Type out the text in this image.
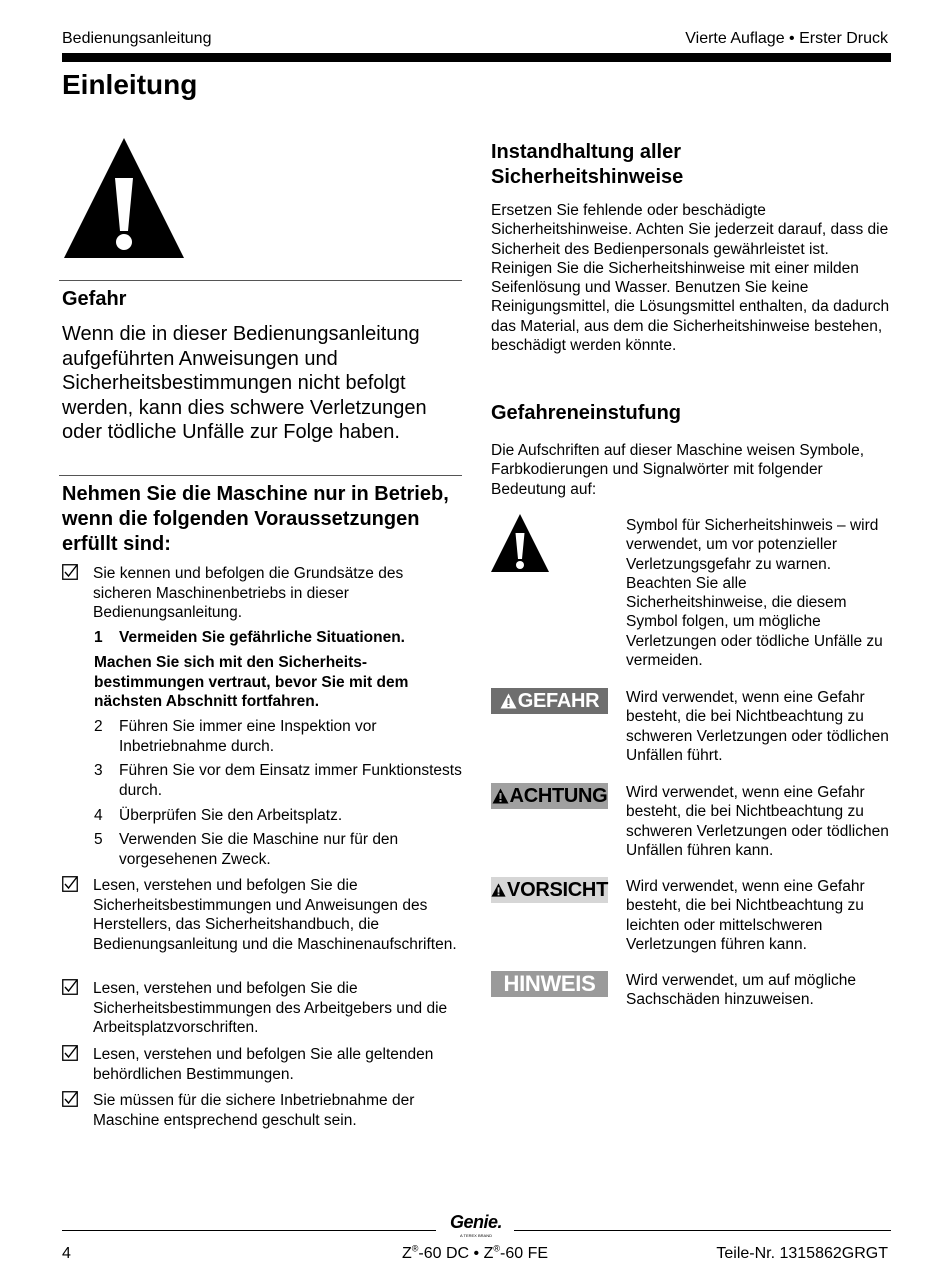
Bedienungsanleitung	Vierte Auflage • Erster Druck
Einleitung
Gefahr

Wenn die in dieser Bedienungsanleitung aufgeführten Anweisungen und Sicherheitsbestimmungen nicht befolgt werden, kann dies schwere Verletzungen oder tödliche Unfälle zur Folge haben.

Nehmen Sie die Maschine nur in Betrieb, wenn die folgenden Voraussetzungen erfüllt sind:
Sie kennen und befolgen die Grundsätze des sicheren Maschinenbetriebs in dieser Bedienungsanleitung.
1 Vermeiden Sie gefährliche Situationen.

Machen Sie sich mit den Sicherheits-bestimmungen vertraut, bevor Sie mit dem nächsten Abschnitt fortfahren.

2 Führen Sie immer eine Inspektion vor Inbetriebnahme durch.
3 Führen Sie vor dem Einsatz immer Funktionstests durch.
4 Überprüfen Sie den Arbeitsplatz.
5 Verwenden Sie die Maschine nur für den vorgesehenen Zweck.
Lesen, verstehen und befolgen Sie die Sicherheitsbestimmungen und Anweisungen des Herstellers, das Sicherheitshandbuch, die Bedienungsanleitung und die Maschinenaufschriften.
Lesen, verstehen und befolgen Sie die Sicherheitsbestimmungen des Arbeitgebers und die Arbeitsplatzvorschriften.
Lesen, verstehen und befolgen Sie alle geltenden behördlichen Bestimmungen.
Sie müssen für die sichere Inbetriebnahme der Maschine entsprechend geschult sein.
Instandhaltung aller Sicherheitshinweise

Ersetzen Sie fehlende oder beschädigte Sicherheitshinweise. Achten Sie jederzeit darauf, dass die Sicherheit des Bedienpersonals gewährleistet ist. Reinigen Sie die Sicherheitshinweise mit einer milden Seifenlösung und Wasser. Benutzen Sie keine Reinigungsmittel, die Lösungsmittel enthalten, da dadurch das Material, aus dem die Sicherheitshinweise bestehen, beschädigt werden könnte.

Gefahreneinstufung

Die Aufschriften auf dieser Maschine weisen Symbole, Farbkodierungen und Signalwörter mit folgender Bedeutung auf:

Symbol für Sicherheitshinweis – wird verwendet, um vor potenzieller Verletzungsgefahr zu warnen. Beachten Sie alle Sicherheitshinweise, die diesem Symbol folgen, um mögliche Verletzungen oder tödliche Unfälle zu vermeiden.

GEFAHR Wird verwendet, wenn eine Gefahr besteht, die bei Nichtbeachtung zu schweren Verletzungen oder tödlichen Unfällen führt.

ACHTUNG Wird verwendet, wenn eine Gefahr besteht, die bei Nichtbeachtung zu schweren Verletzungen oder tödlichen Unfällen führen kann.

VORSICHT Wird verwendet, wenn eine Gefahr besteht, die bei Nichtbeachtung zu leichten oder mittelschweren Verletzungen führen kann.

HINWEIS Wird verwendet, um auf mögliche Sachschäden hinzuweisen.

Genie.
A TEREX BRAND
4	Z®-60 DC • Z®-60 FE	Teile-Nr. 1315862GRGT
